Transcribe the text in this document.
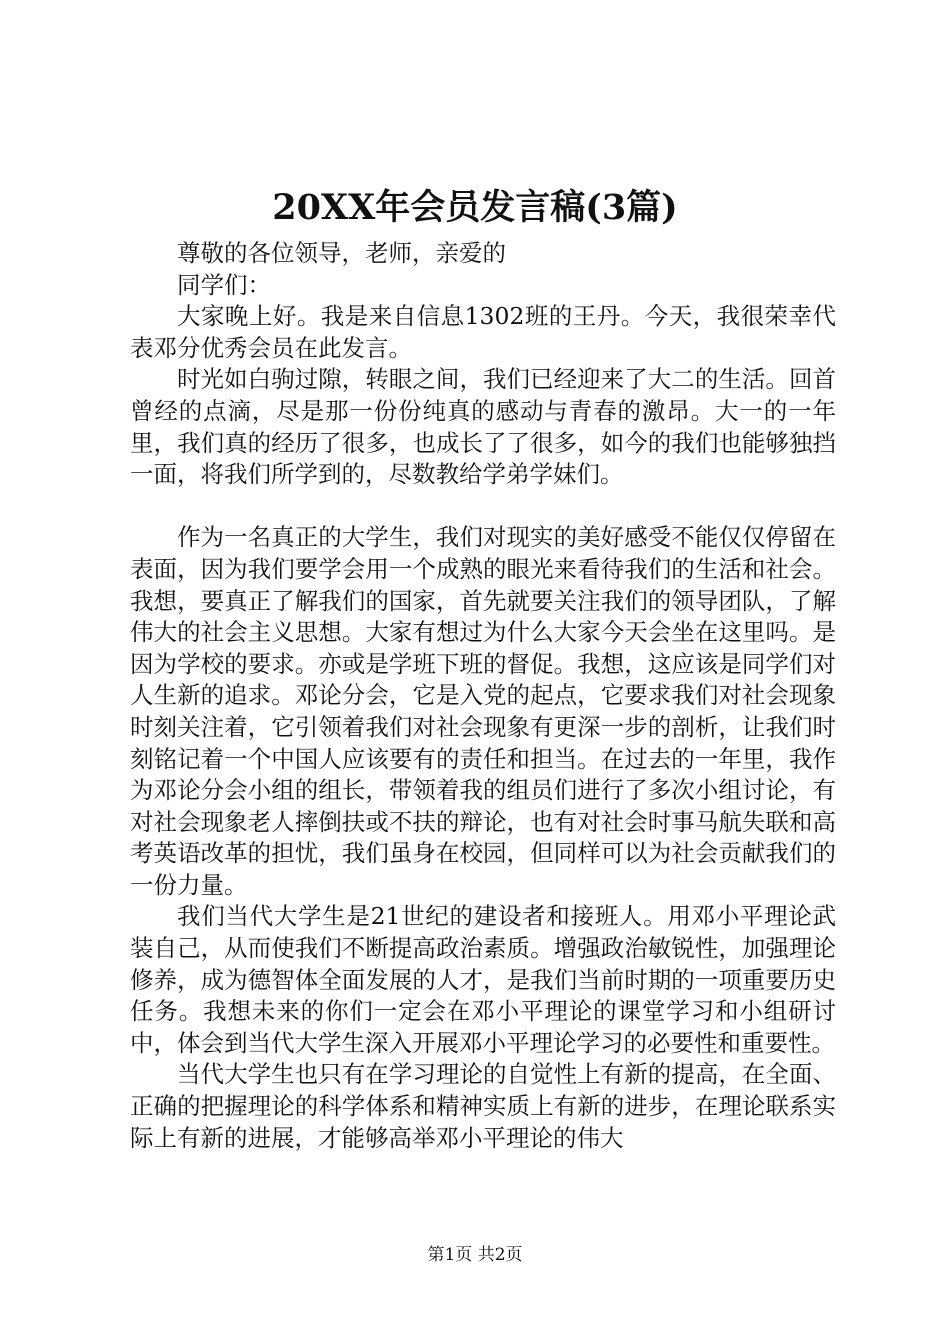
20XX年会员发言稿(3篇)

尊敬的各位领导，老师，亲爱的

同学们：

大家晚上好。我是来自信息1302班的王丹。今天，我很荣幸代表邓分优秀会员在此发言。

时光如白驹过隙，转眼之间，我们已经迎来了大二的生活。回首曾经的点滴，尽是那一份份纯真的感动与青春的激昂。大一的一年里，我们真的经历了很多，也成长了了很多，如今的我们也能够独挡一面，将我们所学到的，尽数教给学弟学妹们。

作为一名真正的大学生，我们对现实的美好感受不能仅仅停留在表面，因为我们要学会用一个成熟的眼光来看待我们的生活和社会。我想，要真正了解我们的国家，首先就要关注我们的领导团队，了解伟大的社会主义思想。大家有想过为什么大家今天会坐在这里吗。是因为学校的要求。亦或是学班下班的督促。我想，这应该是同学们对人生新的追求。邓论分会，它是入党的起点，它要求我们对社会现象时刻关注着，它引领着我们对社会现象有更深一步的剖析，让我们时刻铭记着一个中国人应该要有的责任和担当。在过去的一年里，我作为邓论分会小组的组长，带领着我的组员们进行了多次小组讨论，有对社会现象老人摔倒扶或不扶的辩论，也有对社会时事马航失联和高考英语改革的担忧，我们虽身在校园，但同样可以为社会贡献我们的一份力量。

我们当代大学生是21世纪的建设者和接班人。用邓小平理论武装自己，从而使我们不断提高政治素质。增强政治敏锐性，加强理论修养，成为德智体全面发展的人才，是我们当前时期的一项重要历史任务。我想未来的你们一定会在邓小平理论的课堂学习和小组研讨中，体会到当代大学生深入开展邓小平理论学习的必要性和重要性。

当代大学生也只有在学习理论的自觉性上有新的提高，在全面、正确的把握理论的科学体系和精神实质上有新的进步，在理论联系实际上有新的进展，才能够高举邓小平理论的伟大

第1页 共2页
